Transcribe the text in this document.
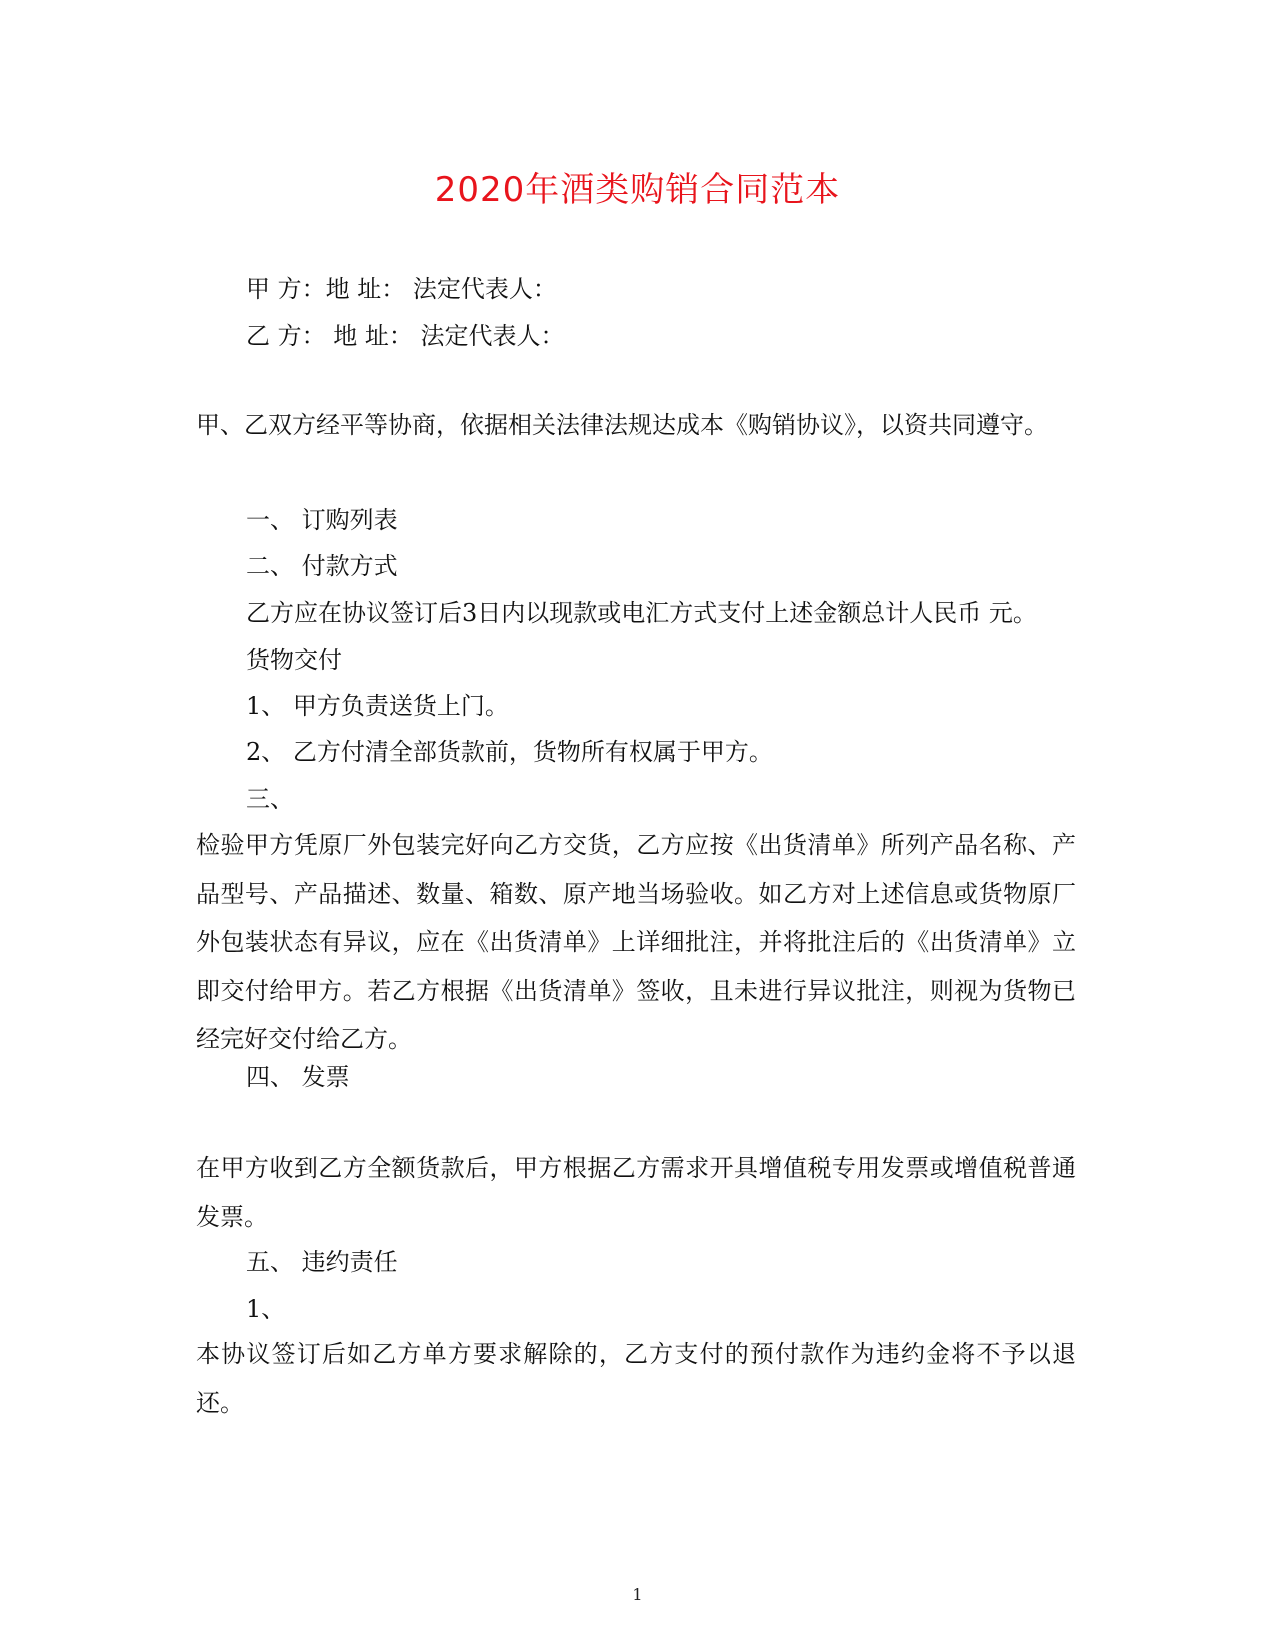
2020年酒类购销合同范本
甲 方：地 址： 法定代表人：
乙 方： 地 址： 法定代表人：
甲、乙双方经平等协商，依据相关法律法规达成本《购销协议》，以资共同遵守。
一、 订购列表
二、 付款方式
乙方应在协议签订后3日内以现款或电汇方式支付上述金额总计人民币 元。
货物交付
1、 甲方负责送货上门。
2、 乙方付清全部货款前，货物所有权属于甲方。
三、
检验甲方凭原厂外包装完好向乙方交货，乙方应按《出货清单》所列产品名称、产品型号、产品描述、数量、箱数、原产地当场验收。如乙方对上述信息或货物原厂外包装状态有异议，应在《出货清单》上详细批注，并将批注后的《出货清单》立即交付给甲方。若乙方根据《出货清单》签收，且未进行异议批注，则视为货物已经完好交付给乙方。
四、 发票
在甲方收到乙方全额货款后，甲方根据乙方需求开具增值税专用发票或增值税普通发票。
五、 违约责任
1、
本协议签订后如乙方单方要求解除的，乙方支付的预付款作为违约金将不予以退还。
1
